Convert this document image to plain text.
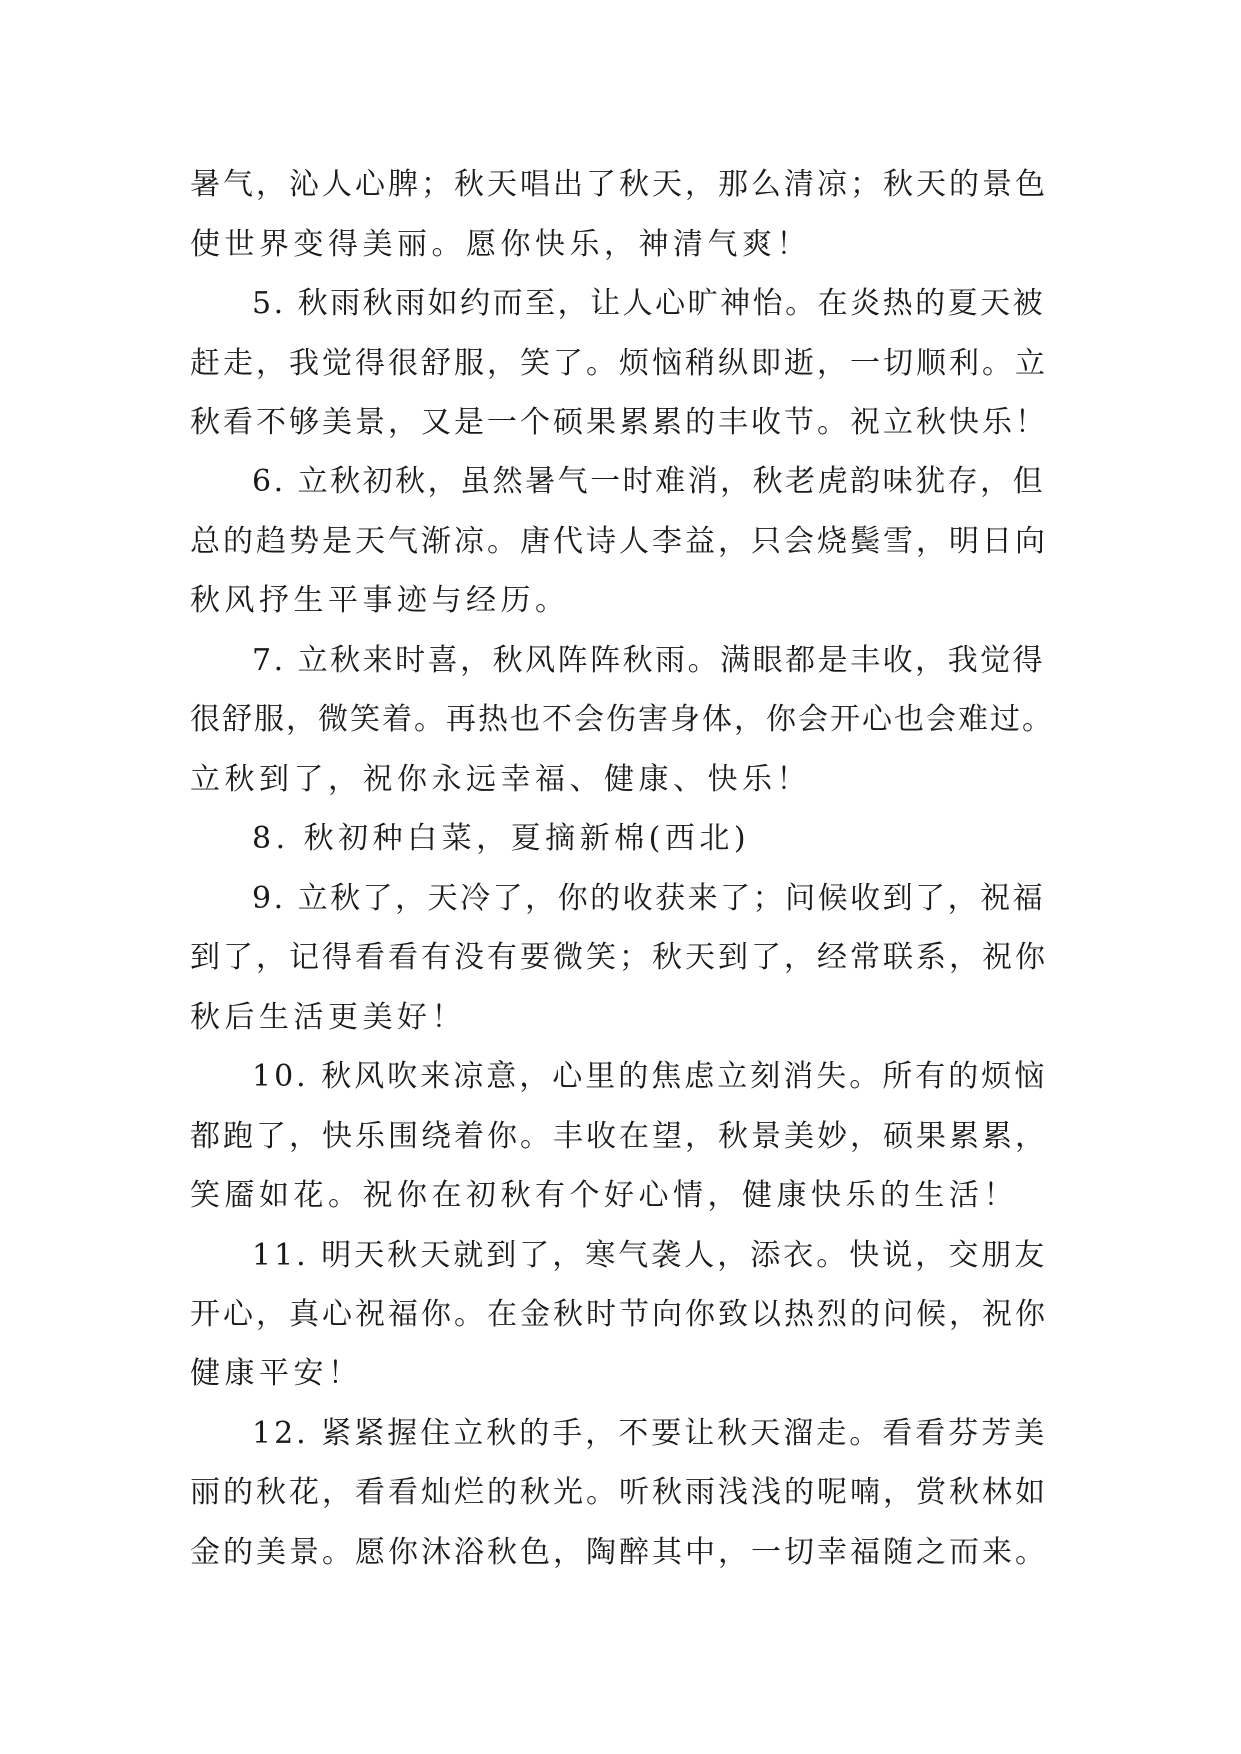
暑气，沁人心脾；秋天唱出了秋天，那么清凉；秋天的景色
使世界变得美丽。愿你快乐，神清气爽！
5. 秋雨秋雨如约而至，让人心旷神怡。在炎热的夏天被
赶走，我觉得很舒服，笑了。烦恼稍纵即逝，一切顺利。立
秋看不够美景，又是一个硕果累累的丰收节。祝立秋快乐！
6. 立秋初秋，虽然暑气一时难消，秋老虎韵味犹存，但
总的趋势是天气渐凉。唐代诗人李益，只会烧鬓雪，明日向
秋风抒生平事迹与经历。
7. 立秋来时喜，秋风阵阵秋雨。满眼都是丰收，我觉得
很舒服，微笑着。再热也不会伤害身体，你会开心也会难过。
立秋到了，祝你永远幸福、健康、快乐！
8. 秋初种白菜，夏摘新棉(西北)
9. 立秋了，天冷了，你的收获来了；问候收到了，祝福
到了，记得看看有没有要微笑；秋天到了，经常联系，祝你
秋后生活更美好！
10. 秋风吹来凉意，心里的焦虑立刻消失。所有的烦恼
都跑了，快乐围绕着你。丰收在望，秋景美妙，硕果累累，
笑靥如花。祝你在初秋有个好心情，健康快乐的生活！
11. 明天秋天就到了，寒气袭人，添衣。快说，交朋友
开心，真心祝福你。在金秋时节向你致以热烈的问候，祝你
健康平安！
12. 紧紧握住立秋的手，不要让秋天溜走。看看芬芳美
丽的秋花，看看灿烂的秋光。听秋雨浅浅的呢喃，赏秋林如
金的美景。愿你沐浴秋色，陶醉其中，一切幸福随之而来。
